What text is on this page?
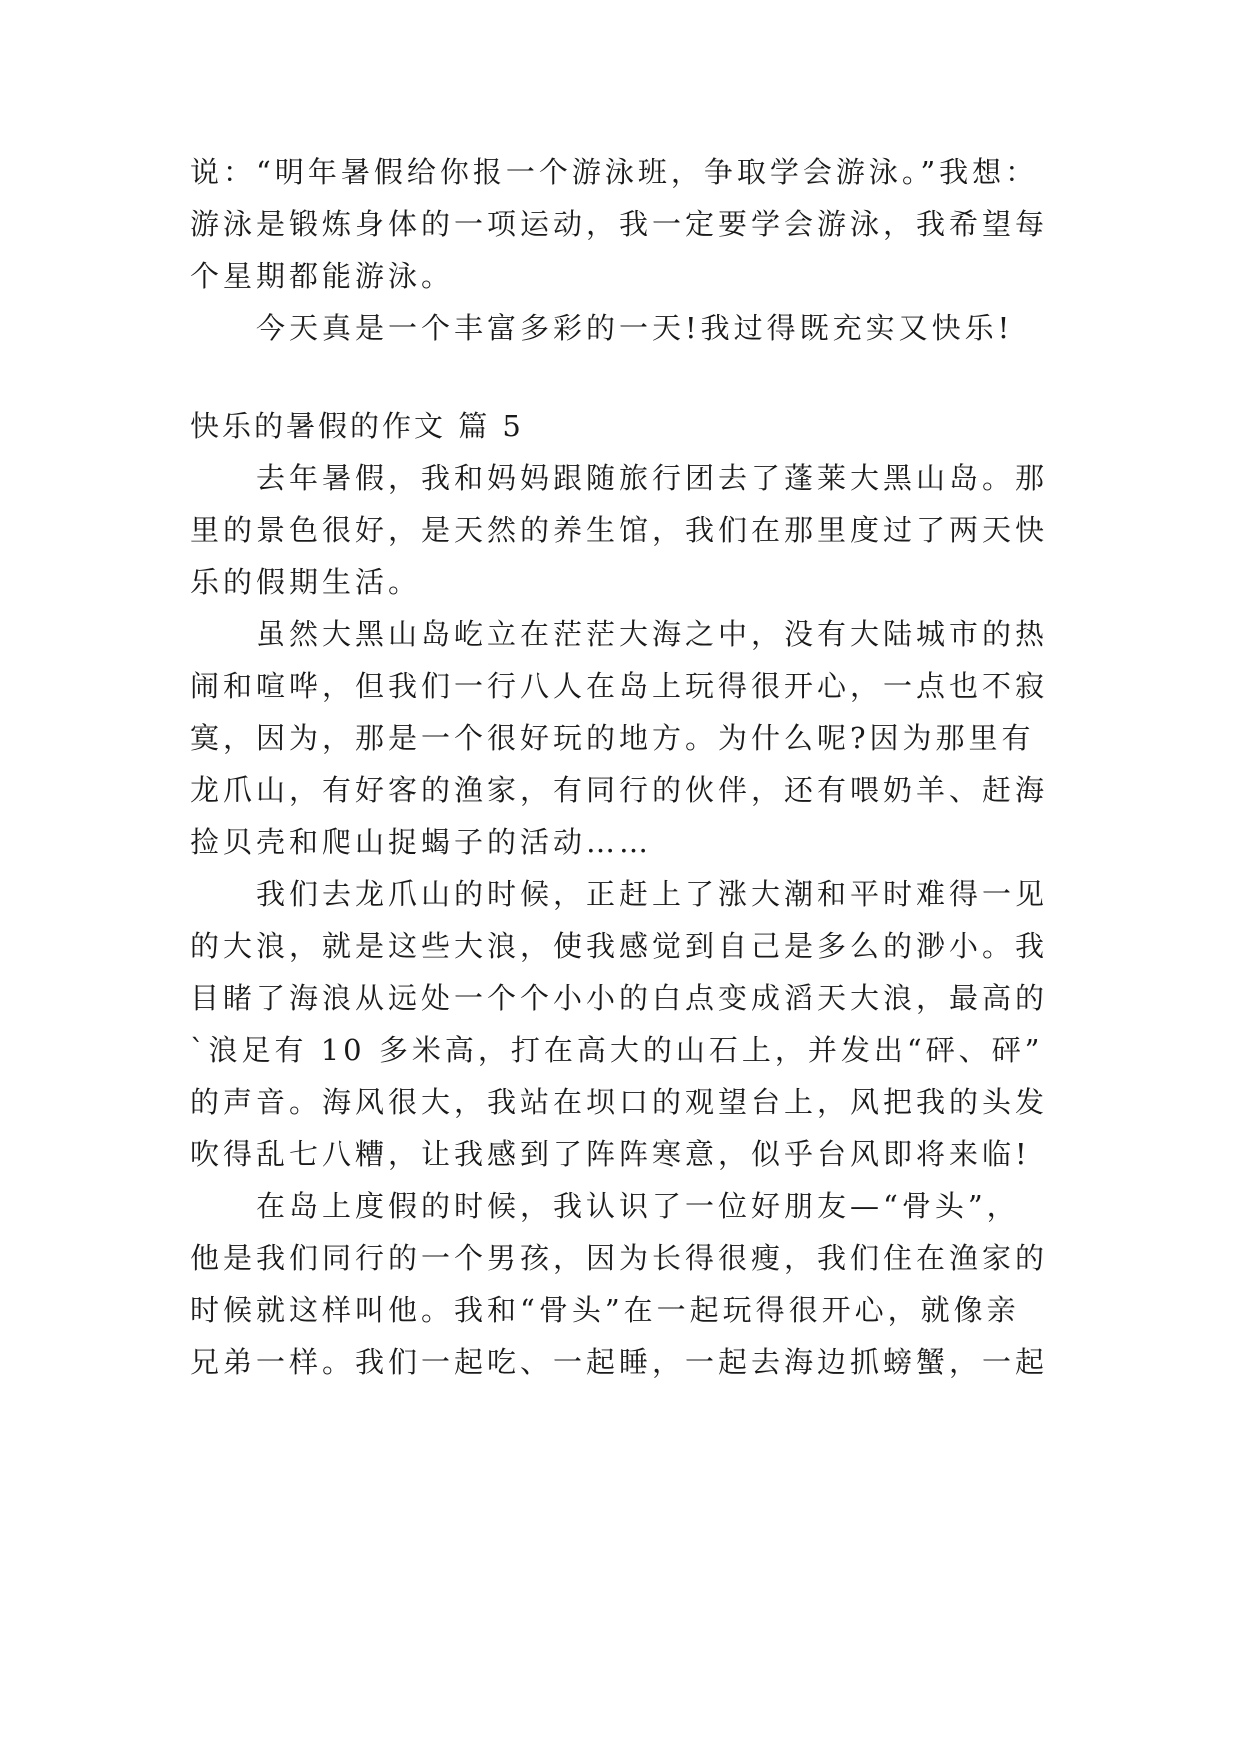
说：“明年暑假给你报一个游泳班，争取学会游泳。”我想：
游泳是锻炼身体的一项运动，我一定要学会游泳，我希望每
个星期都能游泳。
今天真是一个丰富多彩的一天!我过得既充实又快乐!
快乐的暑假的作文 篇 5
去年暑假，我和妈妈跟随旅行团去了蓬莱大黑山岛。那
里的景色很好，是天然的养生馆，我们在那里度过了两天快
乐的假期生活。
虽然大黑山岛屹立在茫茫大海之中，没有大陆城市的热
闹和喧哗，但我们一行八人在岛上玩得很开心，一点也不寂
寞，因为，那是一个很好玩的地方。为什么呢?因为那里有
龙爪山，有好客的渔家，有同行的伙伴，还有喂奶羊、赶海
捡贝壳和爬山捉蝎子的活动……
我们去龙爪山的时候，正赶上了涨大潮和平时难得一见
的大浪，就是这些大浪，使我感觉到自己是多么的渺小。我
目睹了海浪从远处一个个小小的白点变成滔天大浪，最高的
`浪足有 10 多米高，打在高大的山石上，并发出“砰、砰”
的声音。海风很大，我站在坝口的观望台上，风把我的头发
吹得乱七八糟，让我感到了阵阵寒意，似乎台风即将来临!
在岛上度假的时候，我认识了一位好朋友—“骨头”，
他是我们同行的一个男孩，因为长得很瘦，我们住在渔家的
时候就这样叫他。我和“骨头”在一起玩得很开心，就像亲
兄弟一样。我们一起吃、一起睡，一起去海边抓螃蟹，一起
